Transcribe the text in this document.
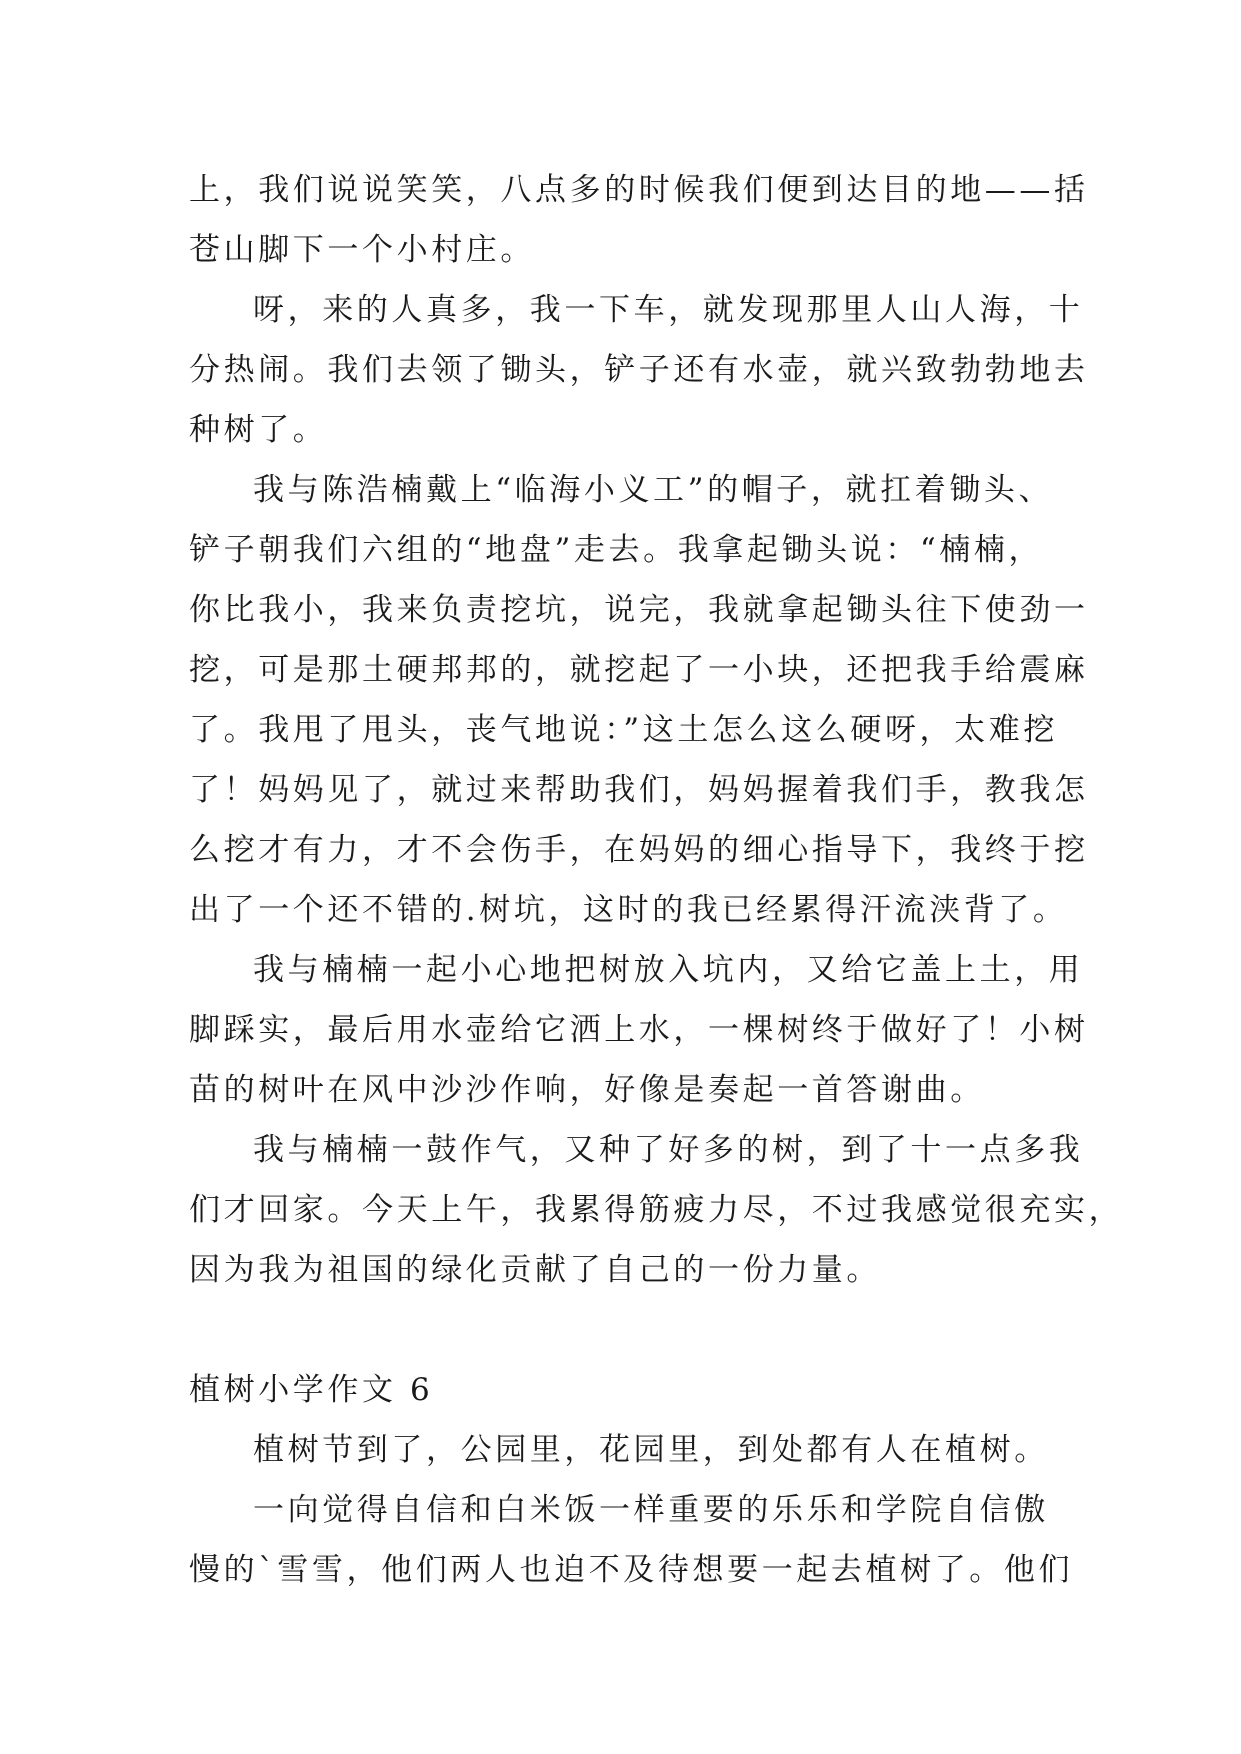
上，我们说说笑笑，八点多的时候我们便到达目的地——括
苍山脚下一个小村庄。
呀，来的人真多，我一下车，就发现那里人山人海，十
分热闹。我们去领了锄头，铲子还有水壶，就兴致勃勃地去
种树了。
我与陈浩楠戴上“临海小义工”的帽子，就扛着锄头、
铲子朝我们六组的“地盘”走去。我拿起锄头说：“楠楠，
你比我小，我来负责挖坑，说完，我就拿起锄头往下使劲一
挖，可是那土硬邦邦的，就挖起了一小块，还把我手给震麻
了。我甩了甩头，丧气地说：”这土怎么这么硬呀，太难挖
了！妈妈见了，就过来帮助我们，妈妈握着我们手，教我怎
么挖才有力，才不会伤手，在妈妈的细心指导下，我终于挖
出了一个还不错的.树坑，这时的我已经累得汗流浃背了。
我与楠楠一起小心地把树放入坑内，又给它盖上土，用
脚踩实，最后用水壶给它洒上水，一棵树终于做好了！小树
苗的树叶在风中沙沙作响，好像是奏起一首答谢曲。
我与楠楠一鼓作气，又种了好多的树，到了十一点多我
们才回家。今天上午，我累得筋疲力尽，不过我感觉很充实，
因为我为祖国的绿化贡献了自己的一份力量。
植树小学作文 6
植树节到了，公园里，花园里，到处都有人在植树。
一向觉得自信和白米饭一样重要的乐乐和学院自信傲
慢的`雪雪，他们两人也迫不及待想要一起去植树了。他们
